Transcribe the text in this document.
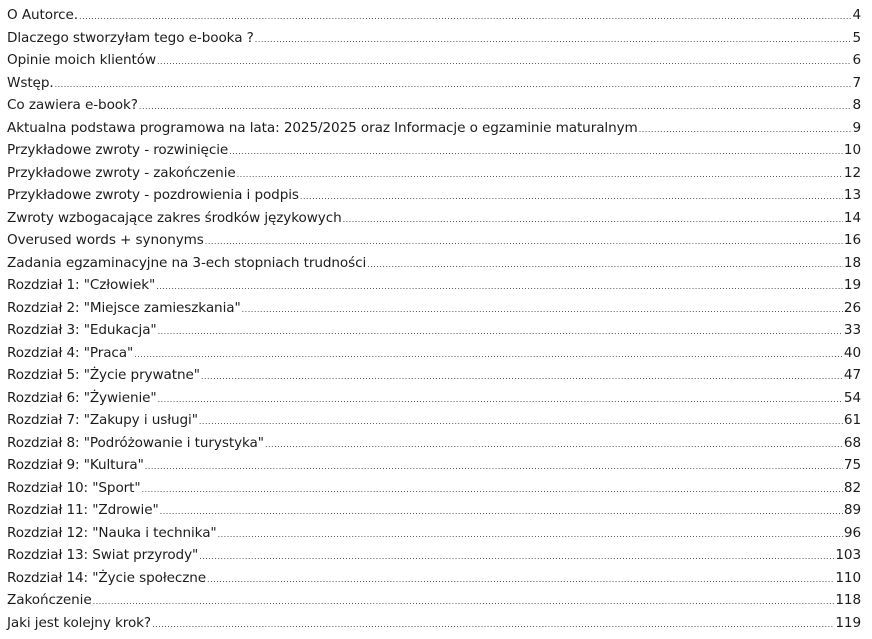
O Autorce. .....	4
Dlaczego stworzyłam tego e-booka ? .....	5
Opinie moich klientów .....	6
Wstęp. .....	7
Co zawiera e-book? .....	8
Aktualna podstawa programowa na lata: 2025/2025 oraz Informacje o egzaminie maturalnym .....	9
Przykładowe zwroty - rozwinięcie .....	10
Przykładowe zwroty - zakończenie .....	12
Przykładowe zwroty - pozdrowienia i podpis .....	13
Zwroty wzbogacające zakres środków językowych .....	14
Overused words + synonyms .....	16
Zadania egzaminacyjne na 3-ech stopniach trudności .....	18
Rozdział 1: "Człowiek" .....	19
Rozdział 2: "Miejsce zamieszkania" .....	26
Rozdział 3: "Edukacja" .....	33
Rozdział 4: "Praca" .....	40
Rozdział 5: "Życie prywatne" .....	47
Rozdział 6: "Żywienie" .....	54
Rozdział 7: "Zakupy i usługi" .....	61
Rozdział 8: "Podróżowanie i turystyka" .....	68
Rozdział 9: "Kultura" .....	75
Rozdział 10: "Sport" .....	82
Rozdział 11: "Zdrowie" .....	89
Rozdział 12: "Nauka i technika" .....	96
Rozdział 13: Swiat przyrody" .....	103
Rozdział 14: "Życie społeczne .....	110
Zakończenie .....	118
Jaki jest kolejny krok? .....	119
